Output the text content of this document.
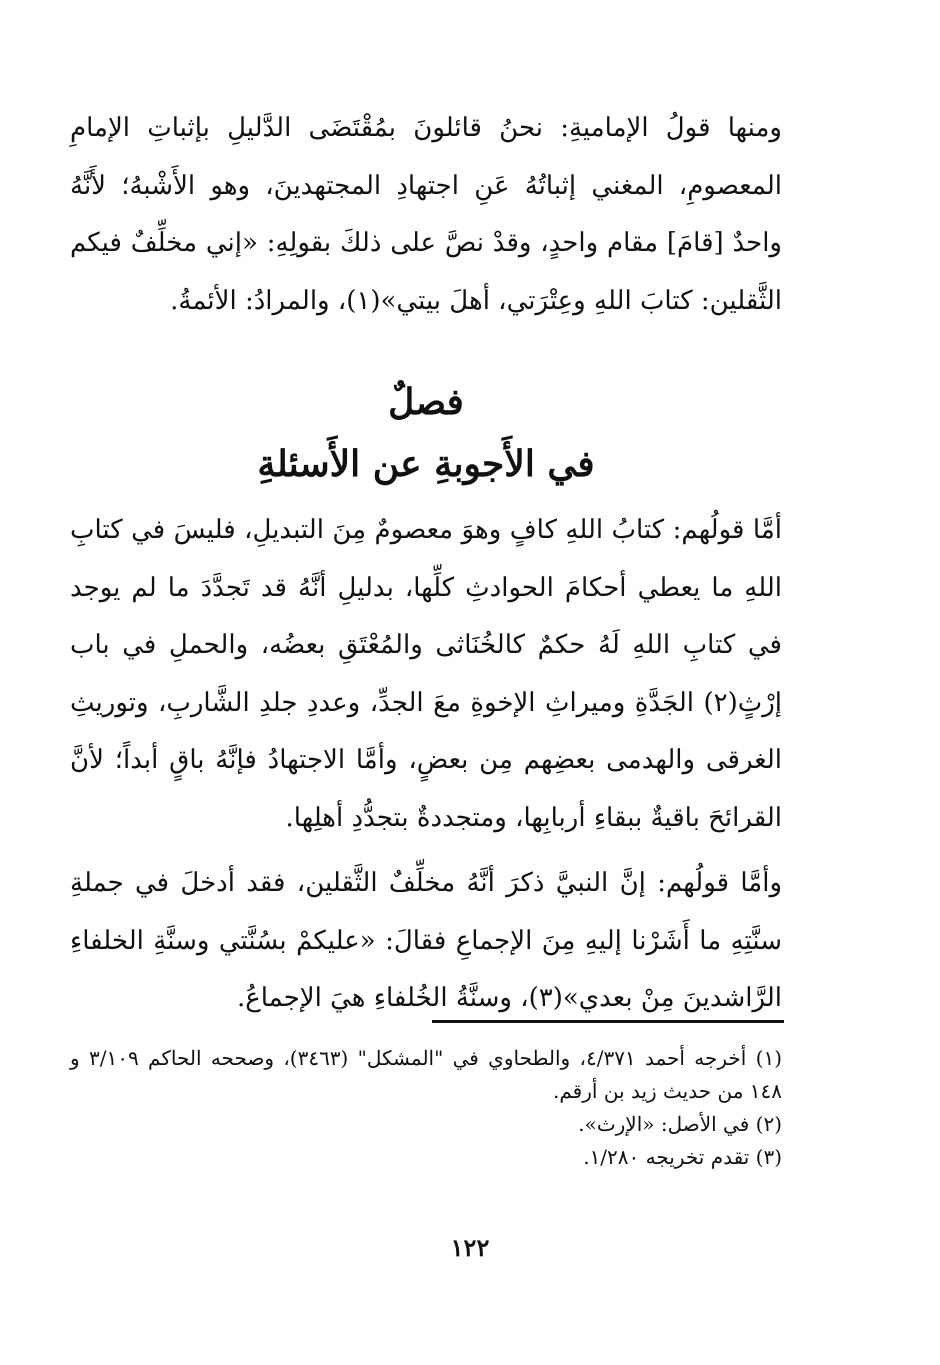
ومنها قولُ الإماميةِ: نحنُ قائلونَ بمُقْتَضَى الدَّليلِ بإثباتِ الإمامِ المعصومِ، المغني إثباتُهُ عَنِ اجتهادِ المجتهدينَ، وهو الأَشْبهُ؛ لأَنَّهُ واحدٌ [قامَ] مقام واحدٍ، وقدْ نصَّ على ذلكَ بقولِهِ: «إني مخلِّفٌ فيكم الثَّقلين: كتابَ اللهِ وعِتْرَتي، أهلَ بيتي»(١)، والمرادُ: الأئمةُ.

فصلٌ

في الأَجوبةِ عن الأَسئلةِ

أمَّا قولُهم: كتابُ اللهِ كافٍ وهوَ معصومٌ مِنَ التبديلِ، فليسَ في كتابِ اللهِ ما يعطي أحكامَ الحوادثِ كلِّها، بدليلِ أنَّهُ قد تَجدَّدَ ما لم يوجد في كتابِ اللهِ لَهُ حكمٌ كالخُنَاثى والمُعْتَقِ بعضُه، والحملِ في باب إرْثٍ(٢) الجَدَّةِ وميراثِ الإخوةِ معَ الجدِّ، وعددِ جلدِ الشَّاربِ، وتوريثِ الغرقى والهدمى بعضِهم مِن بعضٍ، وأمَّا الاجتهادُ فإنَّهُ باقٍ أبداً؛ لأنَّ القرائحَ باقيةٌ ببقاءِ أربابِها، ومتجددةٌ بتجدُّدِ أهلِها.

وأمَّا قولُهم: إنَّ النبيَّ ذكرَ أنَّهُ مخلِّفٌ الثَّقلين، فقد أدخلَ في جملةِ سنَّتِهِ ما أَشَرْنا إليهِ مِنَ الإجماعِ فقالَ: «عليكمْ بسُنَّتي وسنَّةِ الخلفاءِ الرَّاشدينَ مِنْ بعدي»(٣)، وسنَّةُ الخُلفاءِ هيَ الإجماعُ.

(١) أخرجه أحمد ٤/٣٧١، والطحاوي في "المشكل" (٣٤٦٣)، وصححه الحاكم ٣/١٠٩ و ١٤٨ من حديث زيد بن أرقم.

(٢) في الأصل: «الإرث».

(٣) تقدم تخريجه ١/٢٨٠.

١٢٢
